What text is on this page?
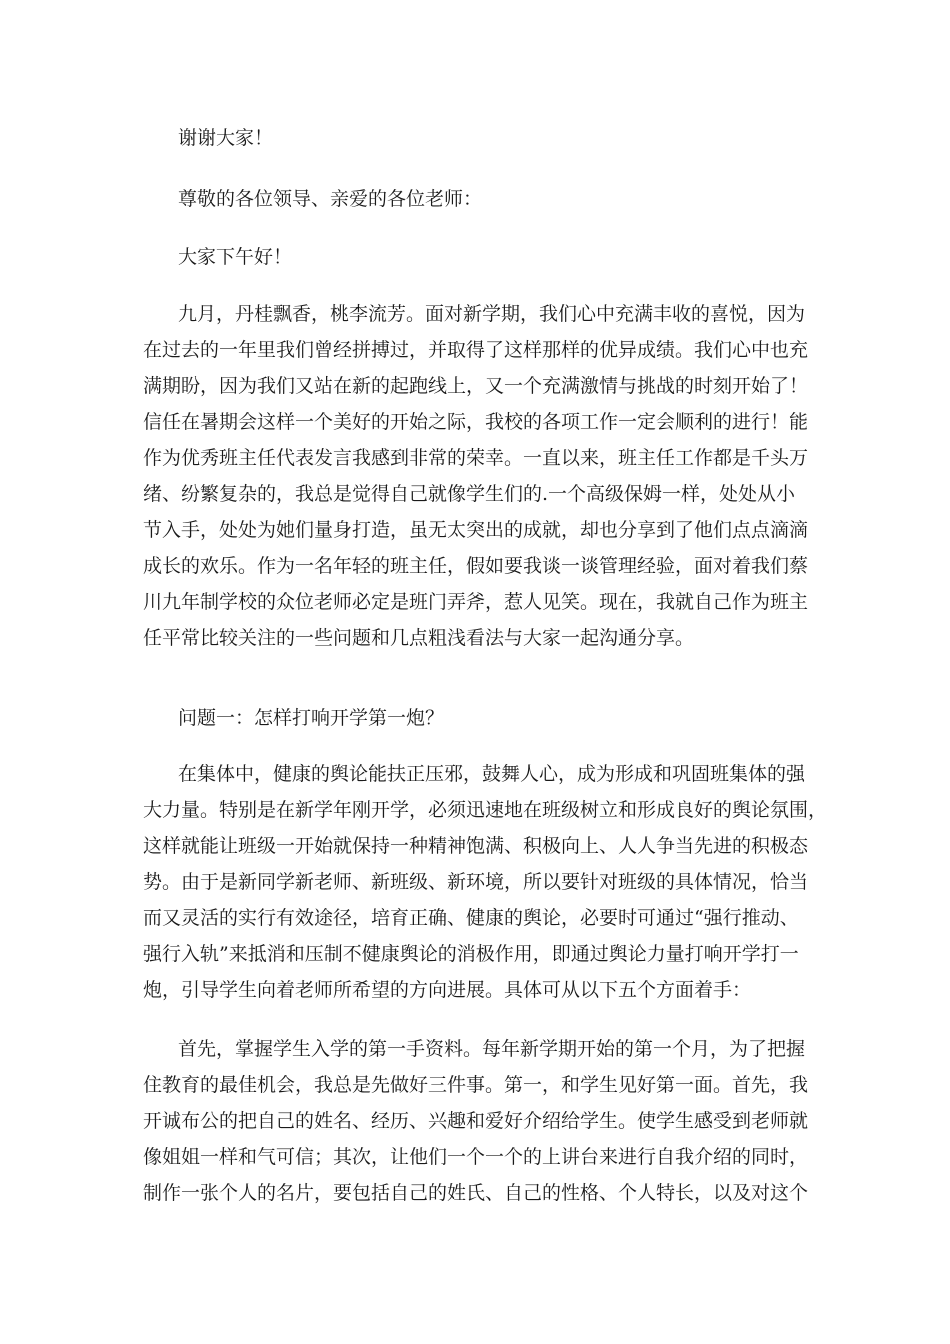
谢谢大家！

尊敬的各位领导、亲爱的各位老师：

大家下午好！

九月，丹桂飘香，桃李流芳。面对新学期，我们心中充满丰收的喜悦，因为
在过去的一年里我们曾经拼搏过，并取得了这样那样的优异成绩。我们心中也充
满期盼，因为我们又站在新的起跑线上，又一个充满激情与挑战的时刻开始了！
信任在暑期会这样一个美好的开始之际，我校的各项工作一定会顺利的进行！能
作为优秀班主任代表发言我感到非常的荣幸。一直以来，班主任工作都是千头万
绪、纷繁复杂的，我总是觉得自己就像学生们的.一个高级保姆一样，处处从小
节入手，处处为她们量身打造，虽无太突出的成就，却也分享到了他们点点滴滴
成长的欢乐。作为一名年轻的班主任，假如要我谈一谈管理经验，面对着我们蔡
川九年制学校的众位老师必定是班门弄斧，惹人见笑。现在，我就自己作为班主
任平常比较关注的一些问题和几点粗浅看法与大家一起沟通分享。

问题一：怎样打响开学第一炮？

在集体中，健康的舆论能扶正压邪，鼓舞人心，成为形成和巩固班集体的强
大力量。特别是在新学年刚开学，必须迅速地在班级树立和形成良好的舆论氛围，
这样就能让班级一开始就保持一种精神饱满、积极向上、人人争当先进的积极态
势。由于是新同学新老师、新班级、新环境，所以要针对班级的具体情况，恰当
而又灵活的实行有效途径，培育正确、健康的舆论，必要时可通过“强行推动、
强行入轨”来抵消和压制不健康舆论的消极作用，即通过舆论力量打响开学打一
炮，引导学生向着老师所希望的方向进展。具体可从以下五个方面着手：
首先，掌握学生入学的第一手资料。每年新学期开始的第一个月，为了把握
住教育的最佳机会，我总是先做好三件事。第一，和学生见好第一面。首先，我
开诚布公的把自己的姓名、经历、兴趣和爱好介绍给学生。使学生感受到老师就
像姐姐一样和气可信；其次，让他们一个一个的上讲台来进行自我介绍的同时，
制作一张个人的名片，要包括自己的姓氏、自己的性格、个人特长，以及对这个
